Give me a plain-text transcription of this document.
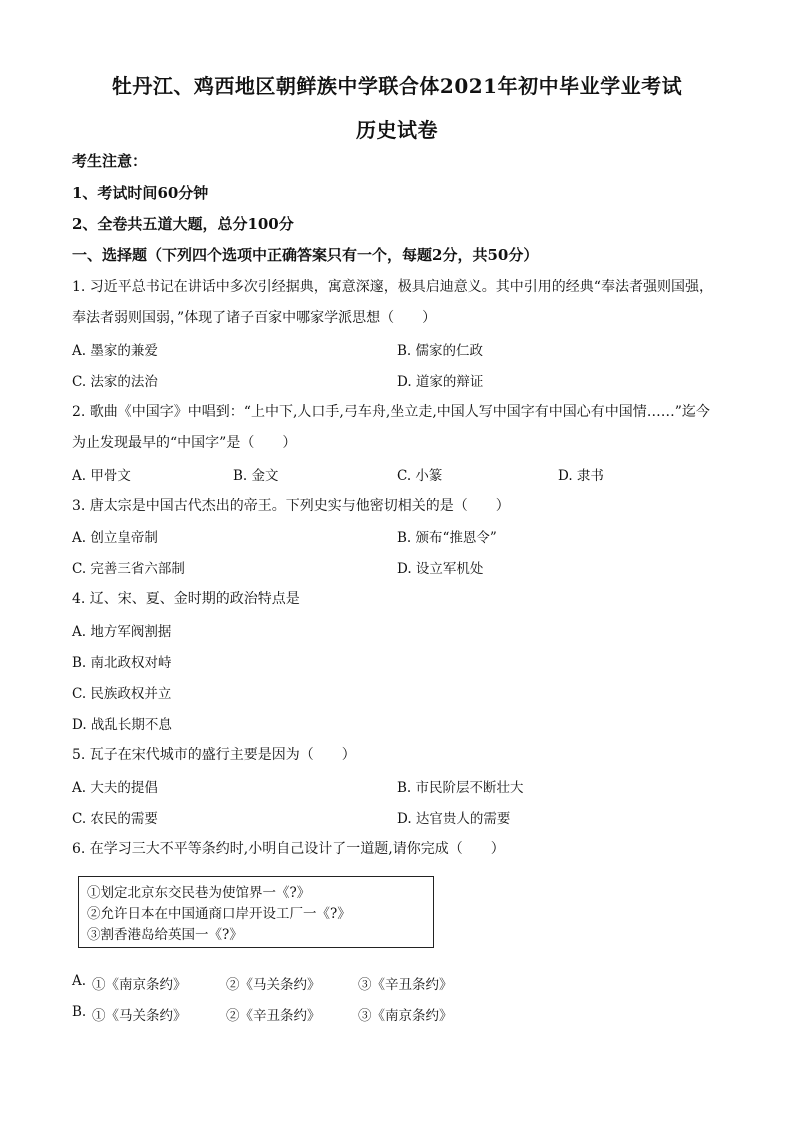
牡丹江、鸡西地区朝鲜族中学联合体2021年初中毕业学业考试
历史试卷
考生注意：
1、考试时间60分钟
2、全卷共五道大题，总分100分
一、选择题（下列四个选项中正确答案只有一个，每题2分，共50分）
1. 习近平总书记在讲话中多次引经据典，寓意深邃，极具启迪意义。其中引用的经典“奉法者强则国强，
奉法者弱则国弱，”体现了诸子百家中哪家学派思想（　　）
A. 墨家的兼爱	B. 儒家的仁政
C. 法家的法治	D. 道家的辩证
2. 歌曲《中国字》中唱到：“上中下,人口手,弓车舟,坐立走,中国人写中国字有中国心有中国情……”迄今
为止发现最早的“中国字”是（　　）
A. 甲骨文	B. 金文	C. 小篆	D. 隶书
3. 唐太宗是中国古代杰出的帝王。下列史实与他密切相关的是（　　）
A. 创立皇帝制	B. 颁布“推恩令”
C. 完善三省六部制	D. 设立军机处
4. 辽、宋、夏、金时期的政治特点是
A. 地方军阀割据
B. 南北政权对峙
C. 民族政权并立
D. 战乱长期不息
5. 瓦子在宋代城市的盛行主要是因为（　　）
A. 大夫的提倡	B. 市民阶层不断壮大
C. 农民的需要	D. 达官贵人的需要
6. 在学习三大不平等条约时,小明自己设计了一道题,请你完成（　　）
①划定北京东交民巷为使馆界一《?》
②允许日本在中国通商口岸开设工厂一《?》
③割香港岛给英国一《?》
A. ①《南京条约》	②《马关条约》	③《辛丑条约》
B. ①《马关条约》	②《辛丑条约》	③《南京条约》
